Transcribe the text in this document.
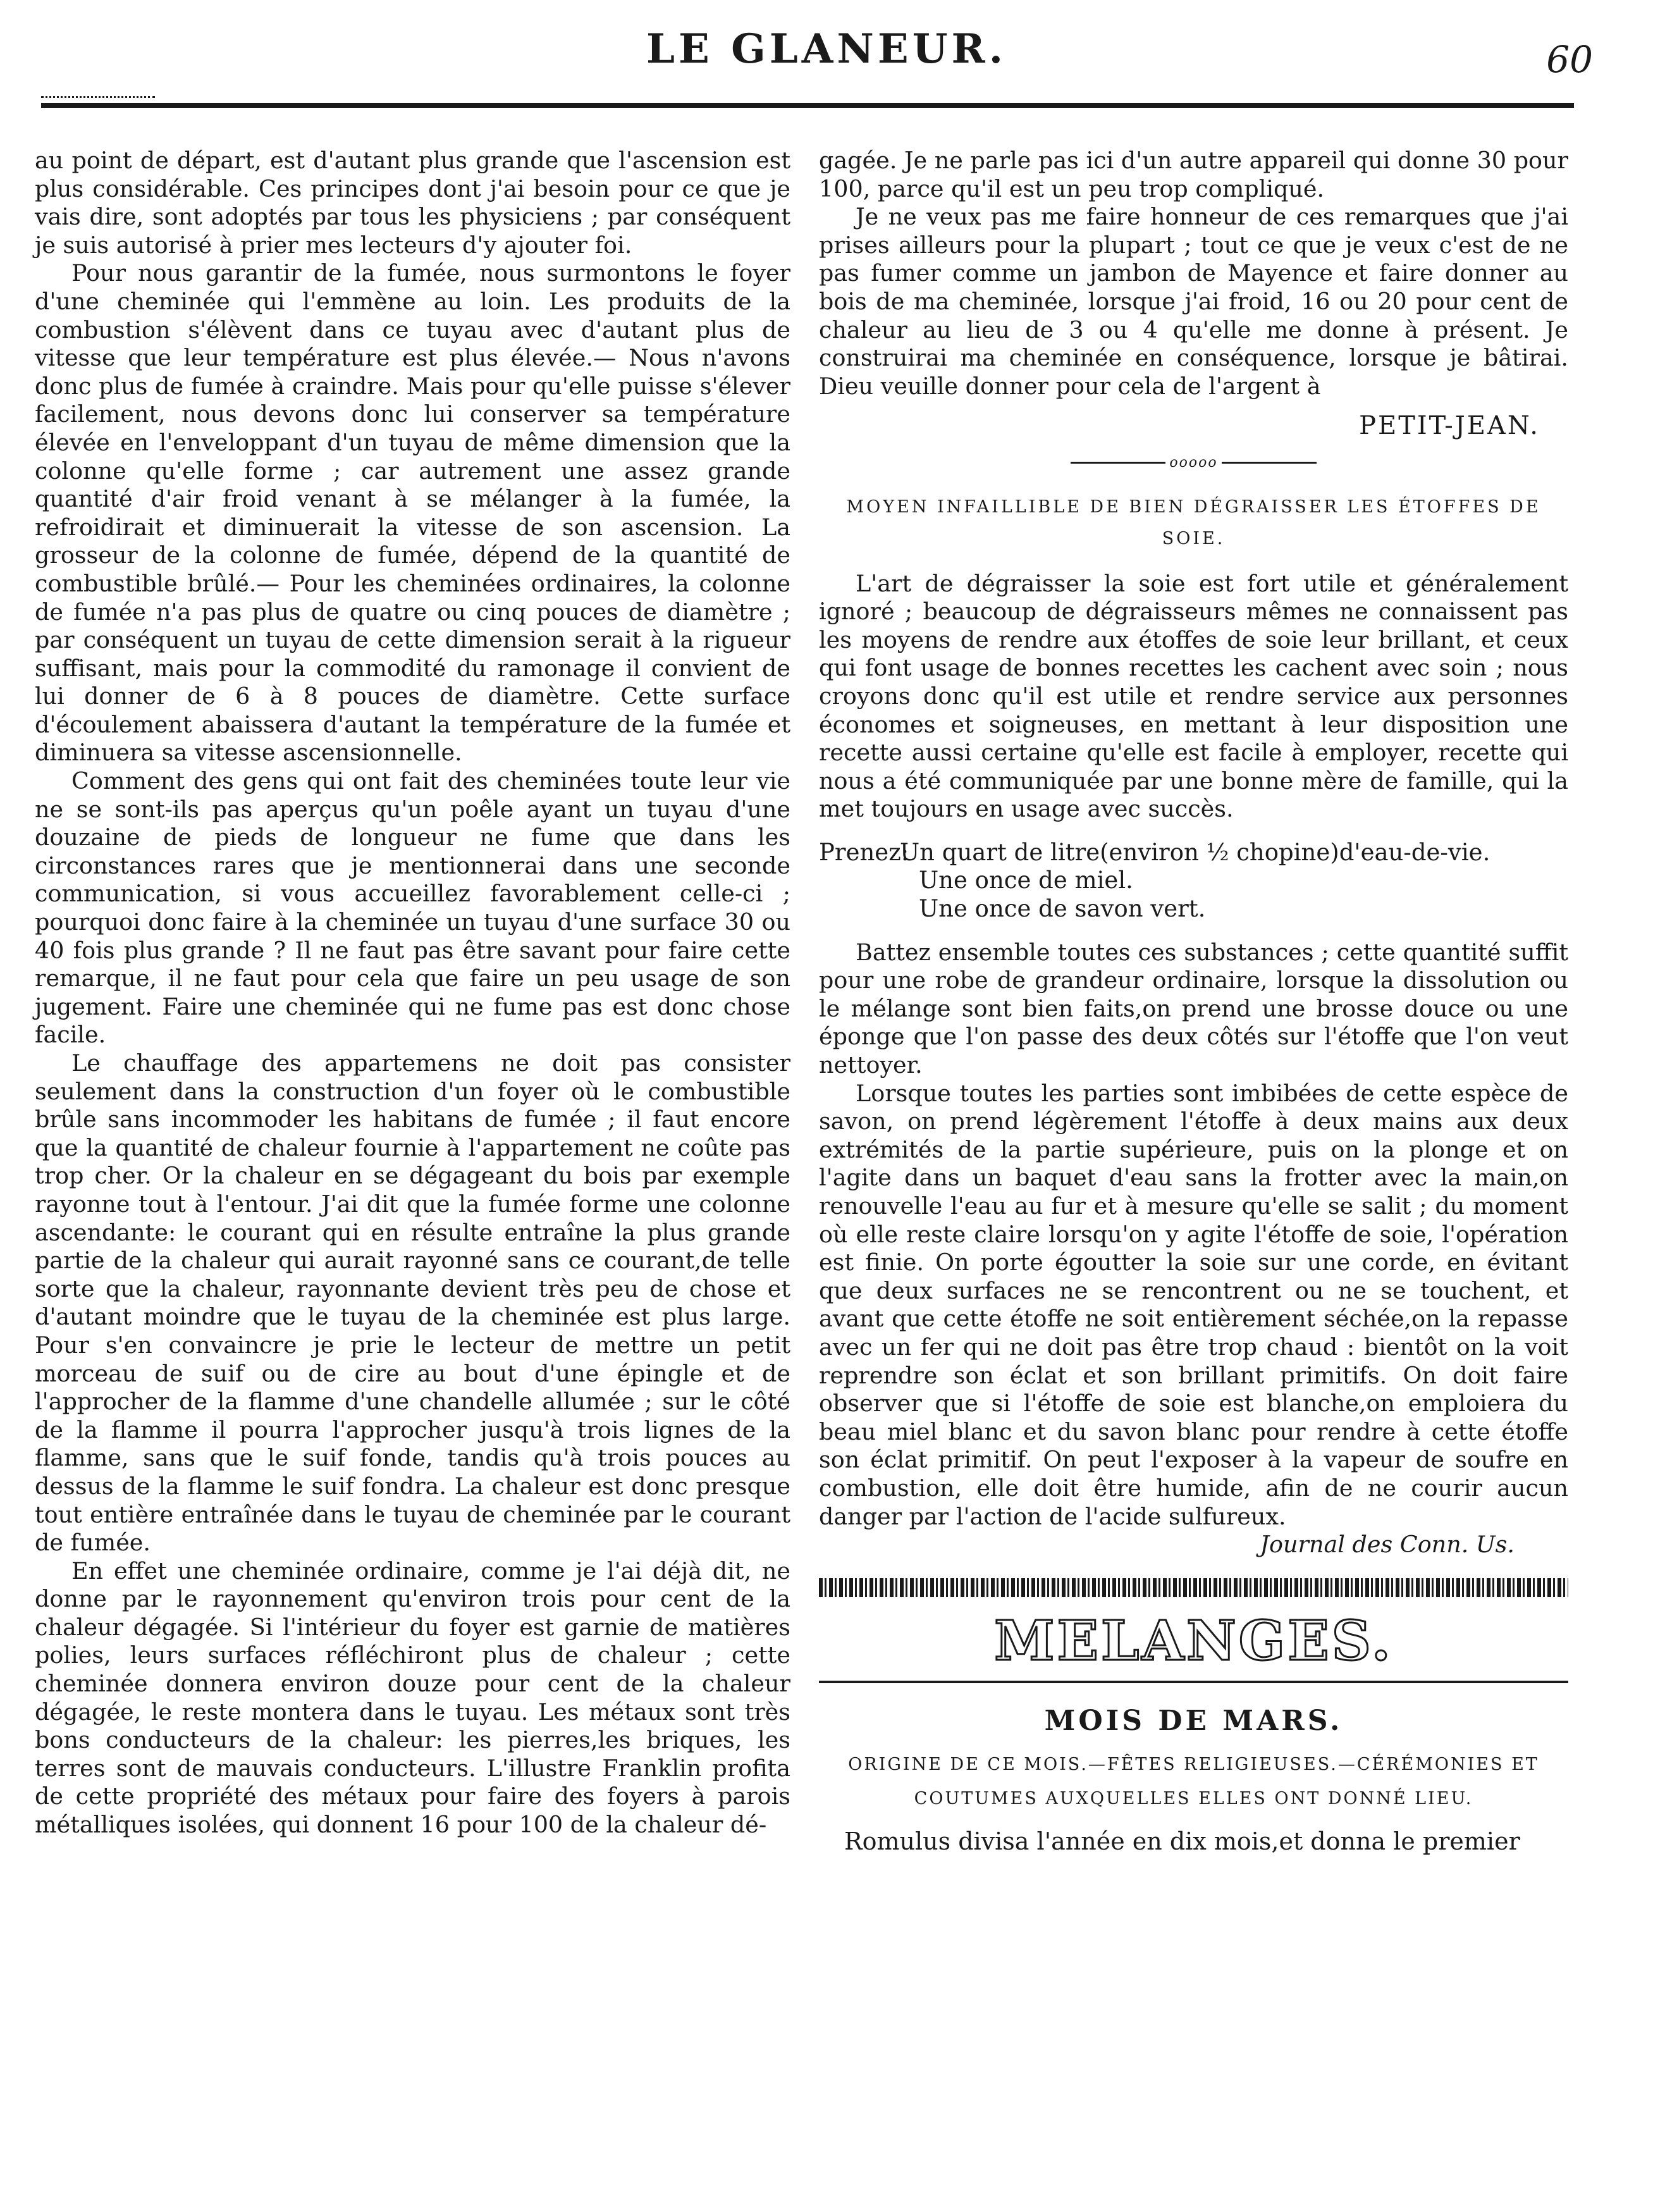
LE GLANEUR.	60

au point de départ, est d'autant plus grande que l'ascension est plus considérable. Ces principes dont j'ai besoin pour ce que je vais dire, sont adoptés par tous les physiciens ; par conséquent je suis autorisé à prier mes lecteurs d'y ajouter foi.

Pour nous garantir de la fumée, nous surmontons le foyer d'une cheminée qui l'emmène au loin. Les produits de la combustion s'élèvent dans ce tuyau avec d'autant plus de vitesse que leur température est plus élevée.— Nous n'avons donc plus de fumée à craindre. Mais pour qu'elle puisse s'élever facilement, nous devons donc lui conserver sa température élevée en l'enveloppant d'un tuyau de même dimension que la colonne qu'elle forme ; car autrement une assez grande quantité d'air froid venant à se mélanger à la fumée, la refroidirait et diminuerait la vitesse de son ascension. La grosseur de la colonne de fumée, dépend de la quantité de combustible brûlé.— Pour les cheminées ordinaires, la colonne de fumée n'a pas plus de quatre ou cinq pouces de diamètre ; par conséquent un tuyau de cette dimension serait à la rigueur suffisant, mais pour la commodité du ramonage il convient de lui donner de 6 à 8 pouces de diamètre. Cette surface d'écoulement abaissera d'autant la température de la fumée et diminuera sa vitesse ascensionnelle.

Comment des gens qui ont fait des cheminées toute leur vie ne se sont-ils pas aperçus qu'un poêle ayant un tuyau d'une douzaine de pieds de longueur ne fume que dans les circonstances rares que je mentionnerai dans une seconde communication, si vous accueillez favorablement celle-ci ; pourquoi donc faire à la cheminée un tuyau d'une surface 30 ou 40 fois plus grande ? Il ne faut pas être savant pour faire cette remarque, il ne faut pour cela que faire un peu usage de son jugement. Faire une cheminée qui ne fume pas est donc chose facile.

Le chauffage des appartemens ne doit pas consister seulement dans la construction d'un foyer où le combustible brûle sans incommoder les habitans de fumée ; il faut encore que la quantité de chaleur fournie à l'appartement ne coûte pas trop cher. Or la chaleur en se dégageant du bois par exemple rayonne tout à l'entour. J'ai dit que la fumée forme une colonne ascendante: le courant qui en résulte entraîne la plus grande partie de la chaleur qui aurait rayonné sans ce courant,de telle sorte que la chaleur, rayonnante devient très peu de chose et d'autant moindre que le tuyau de la cheminée est plus large. Pour s'en convaincre je prie le lecteur de mettre un petit morceau de suif ou de cire au bout d'une épingle et de l'approcher de la flamme d'une chandelle allumée ; sur le côté de la flamme il pourra l'approcher jusqu'à trois lignes de la flamme, sans que le suif fonde, tandis qu'à trois pouces au dessus de la flamme le suif fondra. La chaleur est donc presque tout entière entraînée dans le tuyau de cheminée par le courant de fumée.

En effet une cheminée ordinaire, comme je l'ai déjà dit, ne donne par le rayonnement qu'environ trois pour cent de la chaleur dégagée. Si l'intérieur du foyer est garnie de matières polies, leurs surfaces réfléchiront plus de chaleur ; cette cheminée donnera environ douze pour cent de la chaleur dégagée, le reste montera dans le tuyau. Les métaux sont très bons conducteurs de la chaleur: les pierres,les briques, les terres sont de mauvais conducteurs. L'illustre Franklin profita de cette propriété des métaux pour faire des foyers à parois métalliques isolées, qui donnent 16 pour 100 de la chaleur dé-

gagée. Je ne parle pas ici d'un autre appareil qui donne 30 pour 100, parce qu'il est un peu trop compliqué.

Je ne veux pas me faire honneur de ces remarques que j'ai prises ailleurs pour la plupart ; tout ce que je veux c'est de ne pas fumer comme un jambon de Mayence et faire donner au bois de ma cheminée, lorsque j'ai froid, 16 ou 20 pour cent de chaleur au lieu de 3 ou 4 qu'elle me donne à présent. Je construirai ma cheminée en conséquence, lorsque je bâtirai. Dieu veuille donner pour cela de l'argent à

PETIT-JEAN.
ooooo
MOYEN INFAILLIBLE DE BIEN DÉGRAISSER LES ÉTOFFES DE SOIE.

L'art de dégraisser la soie est fort utile et généralement ignoré ; beaucoup de dégraisseurs mêmes ne connaissent pas les moyens de rendre aux étoffes de soie leur brillant, et ceux qui font usage de bonnes recettes les cachent avec soin ; nous croyons donc qu'il est utile et rendre service aux personnes économes et soigneuses, en mettant à leur disposition une recette aussi certaine qu'elle est facile à employer, recette qui nous a été communiquée par une bonne mère de famille, qui la met toujours en usage avec succès.

Prenez:
Un quart de litre(environ ½ chopine)d'eau-de-vie.
Une once de miel.
Une once de savon vert.

Battez ensemble toutes ces substances ; cette quantité suffit pour une robe de grandeur ordinaire, lorsque la dissolution ou le mélange sont bien faits,on prend une brosse douce ou une éponge que l'on passe des deux côtés sur l'étoffe que l'on veut nettoyer.

Lorsque toutes les parties sont imbibées de cette espèce de savon, on prend légèrement l'étoffe à deux mains aux deux extrémités de la partie supérieure, puis on la plonge et on l'agite dans un baquet d'eau sans la frotter avec la main,on renouvelle l'eau au fur et à mesure qu'elle se salit ; du moment où elle reste claire lorsqu'on y agite l'étoffe de soie, l'opération est finie. On porte égoutter la soie sur une corde, en évitant que deux surfaces ne se rencontrent ou ne se touchent, et avant que cette étoffe ne soit entièrement séchée,on la repasse avec un fer qui ne doit pas être trop chaud : bientôt on la voit reprendre son éclat et son brillant primitifs. On doit faire observer que si l'étoffe de soie est blanche,on emploiera du beau miel blanc et du savon blanc pour rendre à cette étoffe son éclat primitif. On peut l'exposer à la vapeur de soufre en combustion, elle doit être humide, afin de ne courir aucun danger par l'action de l'acide sulfureux.

Journal des Conn. Us.
MELANGES.
MOIS DE MARS.
ORIGINE DE CE MOIS.—FÊTES RELIGIEUSES.—CÉRÉMONIES ET COUTUMES AUXQUELLES ELLES ONT DONNÉ LIEU.
Romulus divisa l'année en dix mois,et donna le premier
